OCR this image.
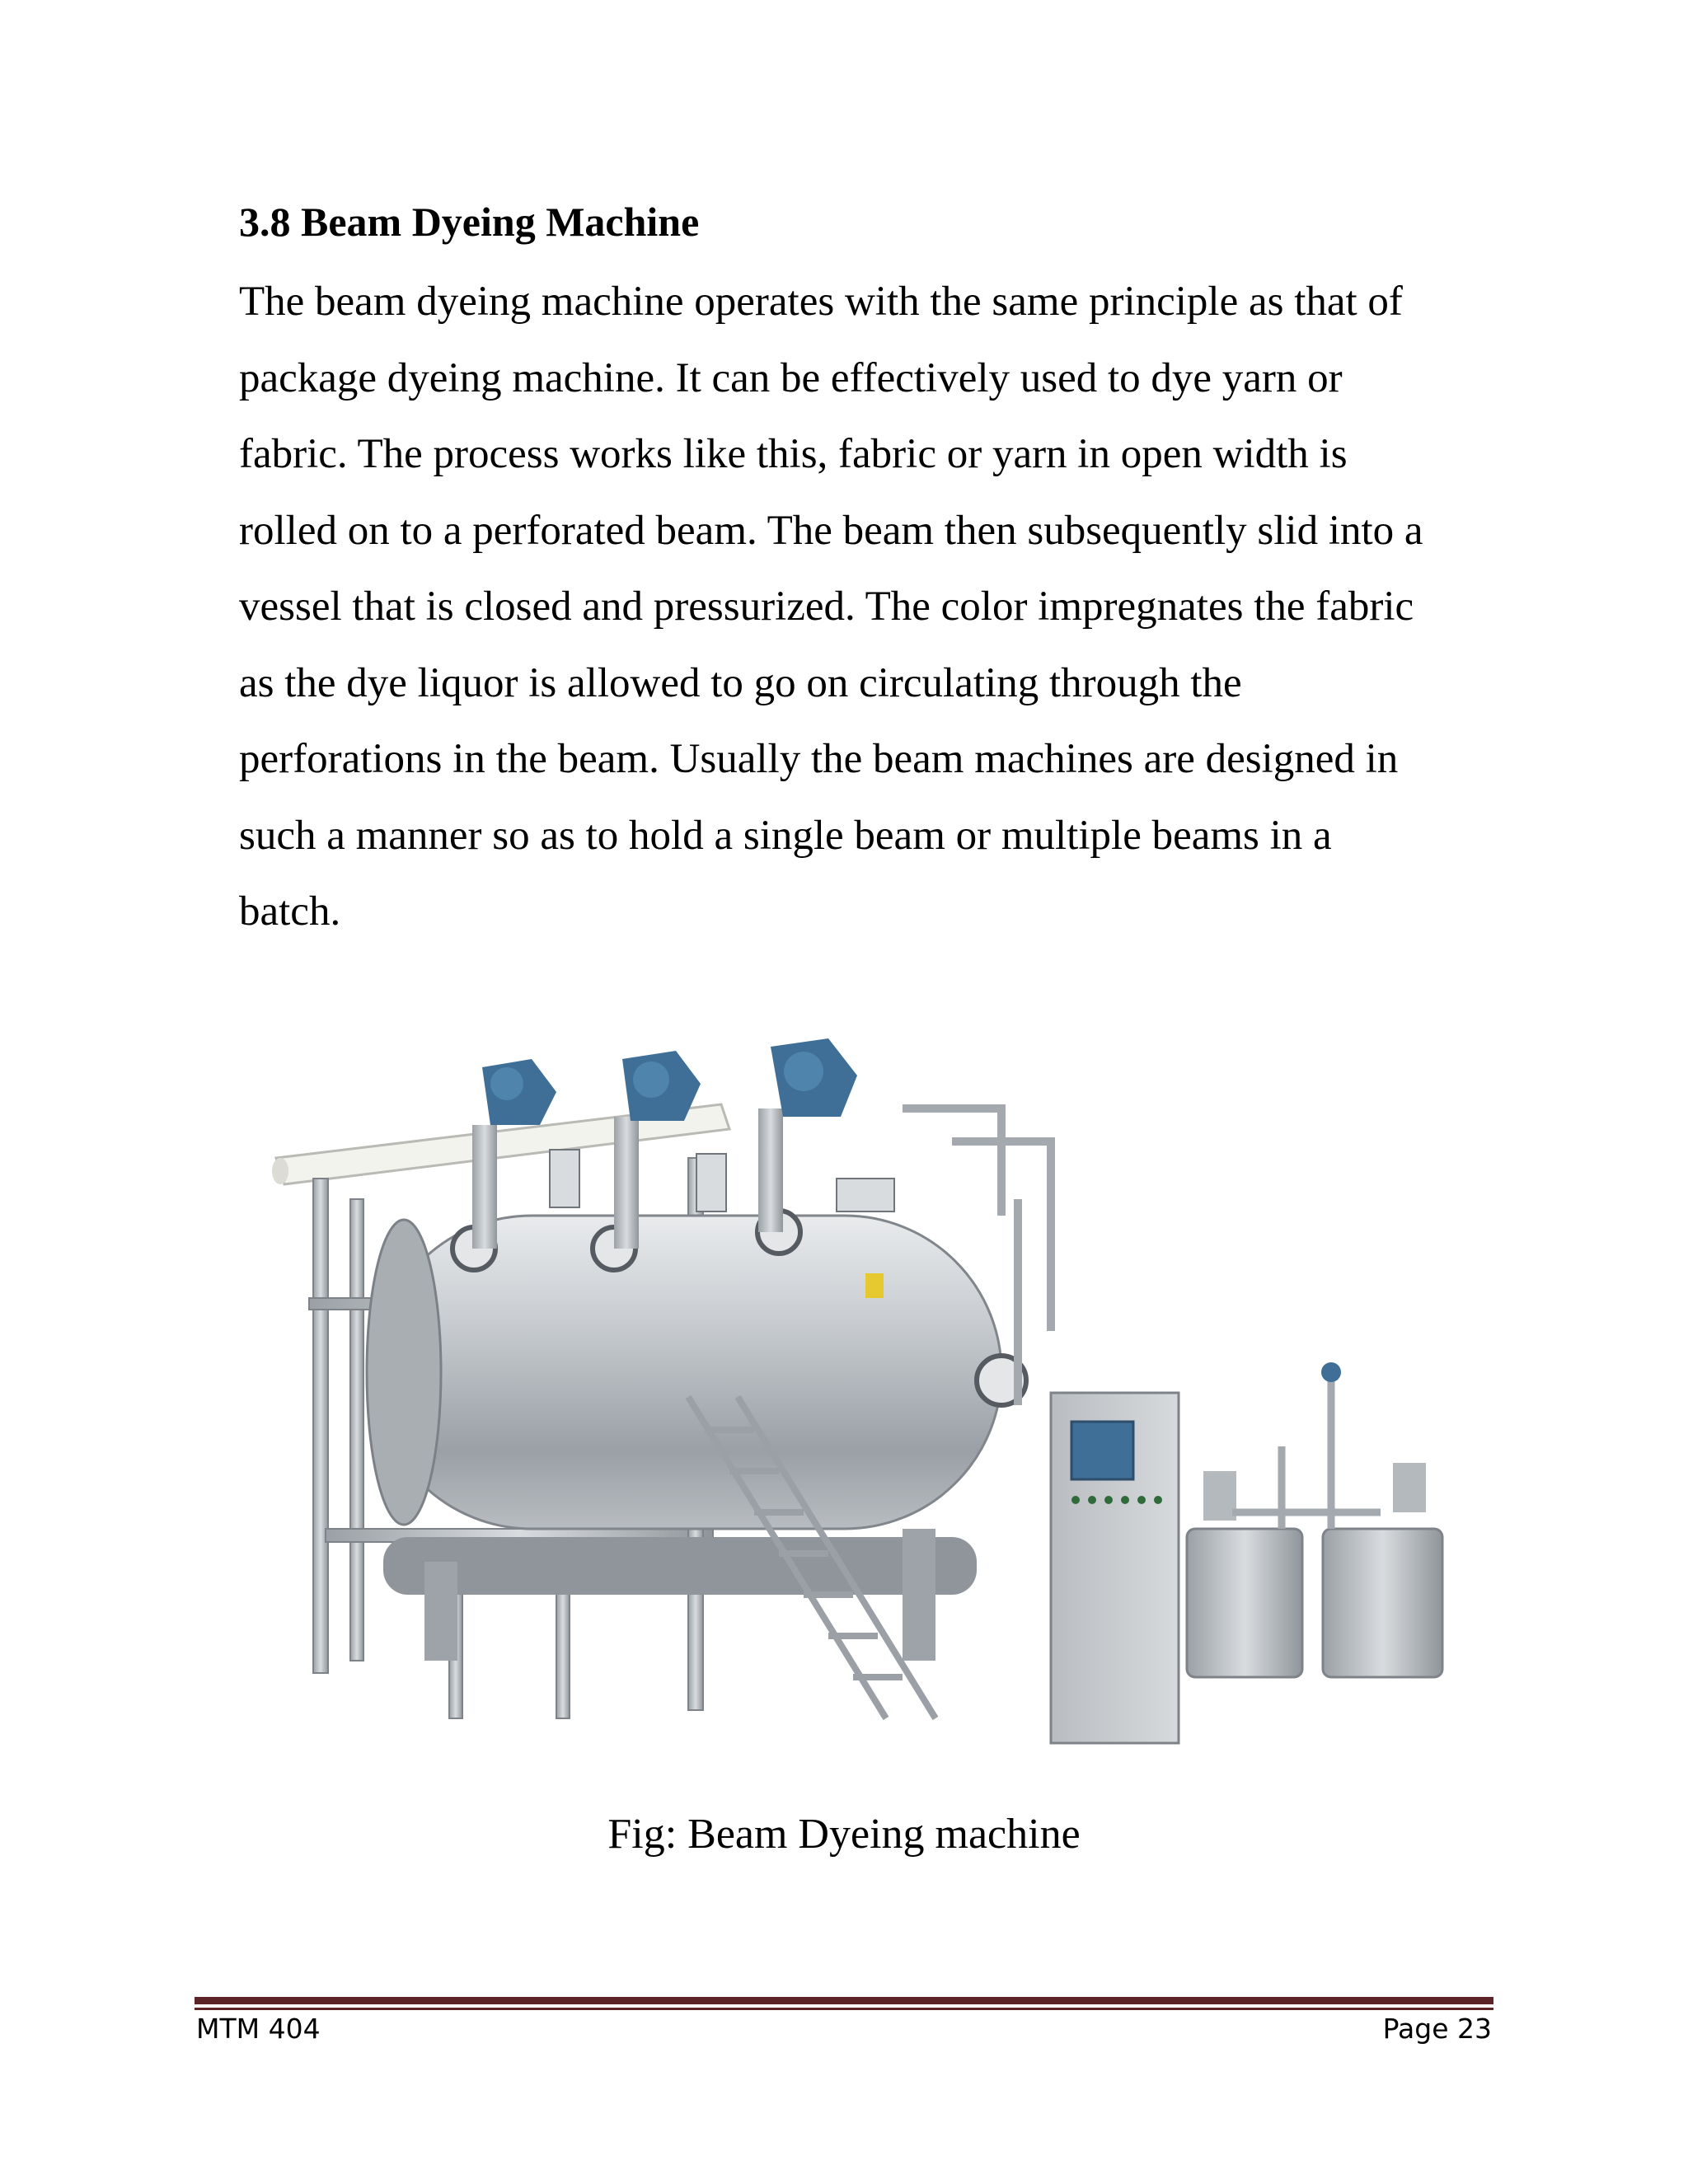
3.8 Beam Dyeing Machine

The beam dyeing machine operates with the same principle as that of

package dyeing machine. It can be effectively used to dye yarn or

fabric. The process works like this, fabric or yarn in open width is

rolled on to a perforated beam. The beam then subsequently slid into a

vessel that is closed and pressurized. The color impregnates the fabric

as the dye liquor is allowed to go on circulating through the

perforations in the beam. Usually the beam machines are designed in

such a manner so as to hold a single beam or multiple beams in a

batch.

Fig: Beam Dyeing machine

MTM 404	Page 23
